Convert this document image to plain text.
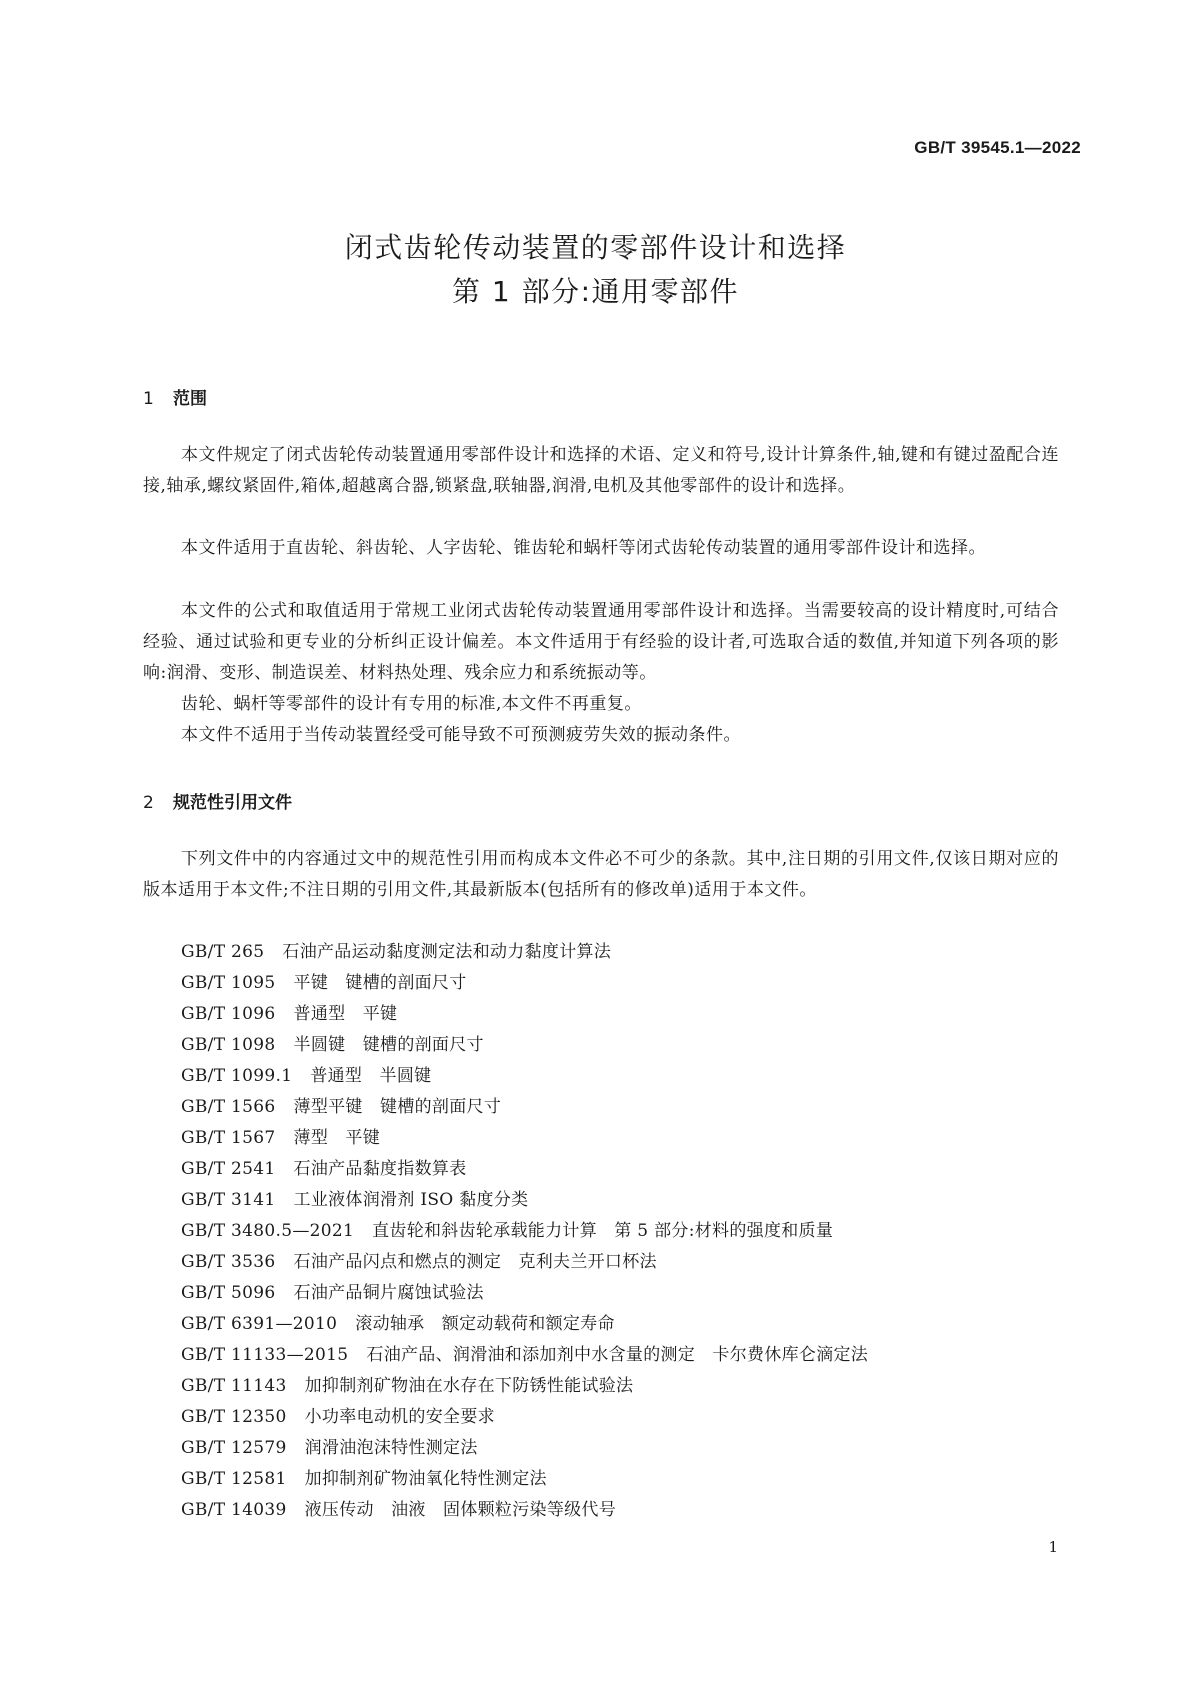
GB/T 39545.1—2022
闭式齿轮传动装置的零部件设计和选择
第 1 部分:通用零部件
1 范围

本文件规定了闭式齿轮传动装置通用零部件设计和选择的术语、定义和符号,设计计算条件,轴,键和有键过盈配合连接,轴承,螺纹紧固件,箱体,超越离合器,锁紧盘,联轴器,润滑,电机及其他零部件的设计和选择。

本文件适用于直齿轮、斜齿轮、人字齿轮、锥齿轮和蜗杆等闭式齿轮传动装置的通用零部件设计和选择。

本文件的公式和取值适用于常规工业闭式齿轮传动装置通用零部件设计和选择。当需要较高的设计精度时,可结合经验、通过试验和更专业的分析纠正设计偏差。本文件适用于有经验的设计者,可选取合适的数值,并知道下列各项的影响:润滑、变形、制造误差、材料热处理、残余应力和系统振动等。

齿轮、蜗杆等零部件的设计有专用的标准,本文件不再重复。

本文件不适用于当传动装置经受可能导致不可预测疲劳失效的振动条件。

2 规范性引用文件

下列文件中的内容通过文中的规范性引用而构成本文件必不可少的条款。其中,注日期的引用文件,仅该日期对应的版本适用于本文件;不注日期的引用文件,其最新版本(包括所有的修改单)适用于本文件。

GB/T 265 石油产品运动黏度测定法和动力黏度计算法
GB/T 1095 平键　键槽的剖面尺寸
GB/T 1096 普通型　平键
GB/T 1098 半圆键　键槽的剖面尺寸
GB/T 1099.1 普通型　半圆键
GB/T 1566 薄型平键　键槽的剖面尺寸
GB/T 1567 薄型　平键
GB/T 2541 石油产品黏度指数算表
GB/T 3141 工业液体润滑剂 ISO 黏度分类
GB/T 3480.5—2021 直齿轮和斜齿轮承载能力计算　第 5 部分:材料的强度和质量
GB/T 3536 石油产品闪点和燃点的测定　克利夫兰开口杯法
GB/T 5096 石油产品铜片腐蚀试验法
GB/T 6391—2010 滚动轴承　额定动载荷和额定寿命
GB/T 11133—2015 石油产品、润滑油和添加剂中水含量的测定　卡尔费休库仑滴定法
GB/T 11143 加抑制剂矿物油在水存在下防锈性能试验法
GB/T 12350 小功率电动机的安全要求
GB/T 12579 润滑油泡沫特性测定法
GB/T 12581 加抑制剂矿物油氧化特性测定法
GB/T 14039 液压传动　油液　固体颗粒污染等级代号
1
